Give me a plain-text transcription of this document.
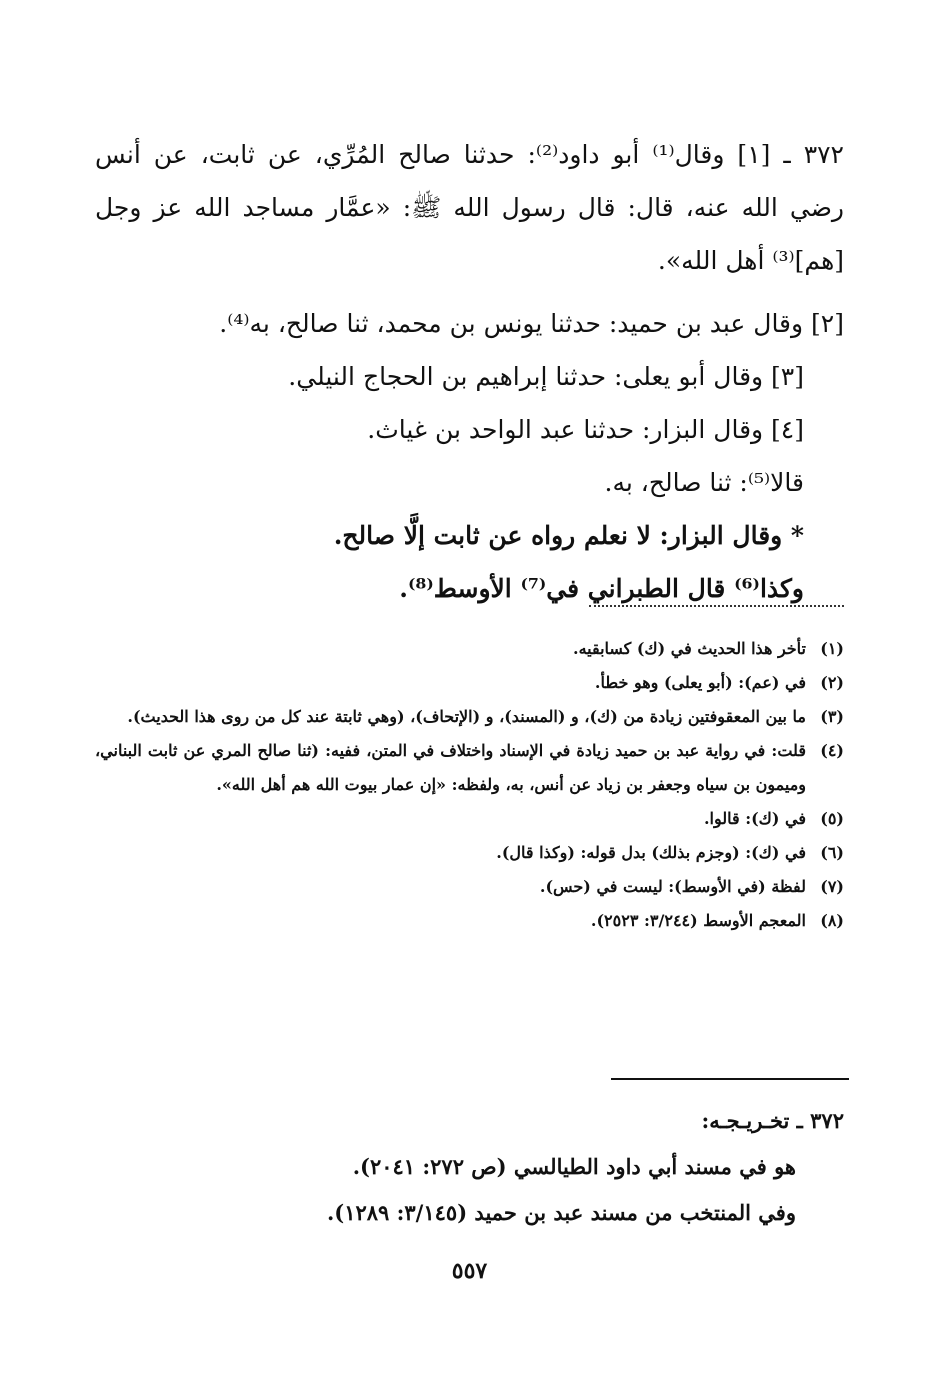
٣٧٢ ـ [١] وقال⁽¹⁾ أبو داود⁽²⁾: حدثنا صالح المُرِّي، عن ثابت، عن أنس رضي الله عنه، قال: قال رسول الله ﷺ: «عمَّار مساجد الله عز وجل [هم]⁽³⁾ أهل الله».

[٢] وقال عبد بن حميد: حدثنا يونس بن محمد، ثنا صالح، به⁽⁴⁾.

[٣] وقال أبو يعلى: حدثنا إبراهيم بن الحجاج النيلي.

[٤] وقال البزار: حدثنا عبد الواحد بن غياث.

قالا⁽⁵⁾: ثنا صالح، به.

* وقال البزار: لا نعلم رواه عن ثابت إلَّا صالح.

وكذا⁽⁶⁾ قال الطبراني في⁽⁷⁾ الأوسط⁽⁸⁾.

(١)
تأخر هذا الحديث في (ك) كسابقيه.
(٢)
في (عم): (أبو يعلى) وهو خطأ.
(٣)
ما بين المعقوفتين زيادة من (ك)، و (المسند)، و (الإتحاف)، (وهي ثابتة عند كل من روى هذا الحديث).
(٤)
قلت: في رواية عبد بن حميد زيادة في الإسناد واختلاف في المتن، ففيه: (ثنا صالح المري عن ثابت البناني، وميمون بن سياه وجعفر بن زياد عن أنس، به، ولفظه: «إن عمار بيوت الله هم أهل الله».
(٥)
في (ك): قالوا.
(٦)
في (ك): (وجزم بذلك) بدل قوله: (وكذا قال).
(٧)
لفظة (في الأوسط): ليست في (حس).
(٨)
المعجم الأوسط (٣/٢٤٤: ٢٥٢٣).

٣٧٢ ـ تخـريـجـه:

هو في مسند أبي داود الطيالسي (ص ٢٧٢: ٢٠٤١).

وفي المنتخب من مسند عبد بن حميد (٣/١٤٥: ١٢٨٩).

٥٥٧
